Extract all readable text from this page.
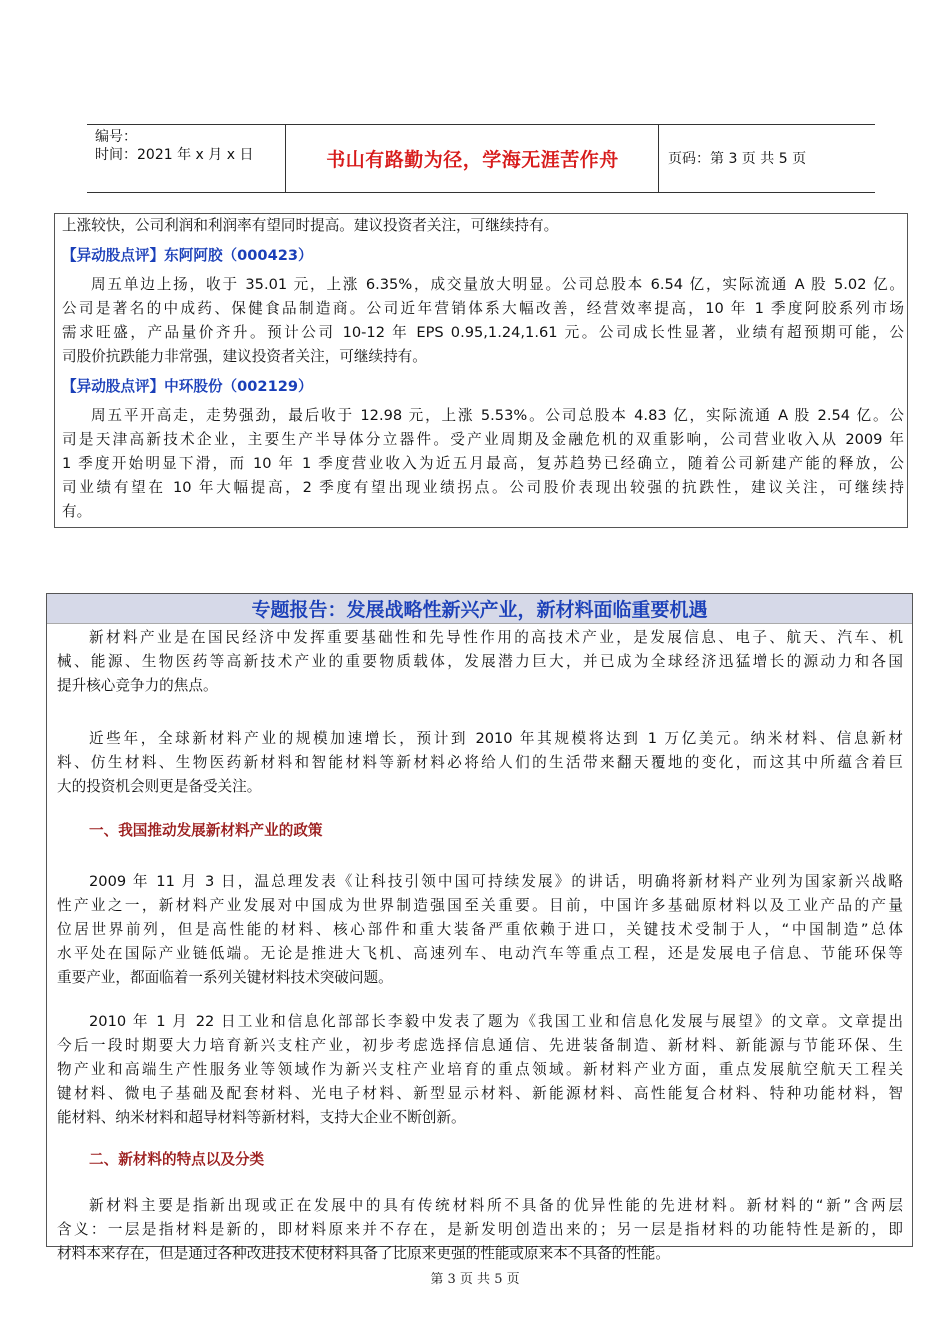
编号：
时间：2021 年 x 月 x 日	书山有路勤为径，学海无涯苦作舟	页码：第 3 页 共 5 页
上涨较快，公司利润和利润率有望同时提高。建议投资者关注，可继续持有。
【异动股点评】东阿阿胶（000423）
周五单边上扬，收于 35.01 元，上涨 6.35%，成交量放大明显。公司总股本 6.54 亿，实际流通 A 股 5.02 亿。
公司是著名的中成药、保健食品制造商。公司近年营销体系大幅改善，经营效率提高，10 年 1 季度阿胶系列市场
需求旺盛，产品量价齐升。预计公司 10-12 年 EPS 0.95,1.24,1.61 元。公司成长性显著，业绩有超预期可能，公
司股价抗跌能力非常强，建议投资者关注，可继续持有。
【异动股点评】中环股份（002129）
周五平开高走，走势强劲，最后收于 12.98 元，上涨 5.53%。公司总股本 4.83 亿，实际流通 A 股 2.54 亿。公
司是天津高新技术企业，主要生产半导体分立器件。受产业周期及金融危机的双重影响，公司营业收入从 2009 年
1 季度开始明显下滑，而 10 年 1 季度营业收入为近五月最高，复苏趋势已经确立，随着公司新建产能的释放，公
司业绩有望在 10 年大幅提高，2 季度有望出现业绩拐点。公司股价表现出较强的抗跌性，建议关注，可继续持
有。
专题报告：发展战略性新兴产业，新材料面临重要机遇
新材料产业是在国民经济中发挥重要基础性和先导性作用的高技术产业，是发展信息、电子、航天、汽车、机
械、能源、生物医药等高新技术产业的重要物质载体，发展潜力巨大，并已成为全球经济迅猛增长的源动力和各国
提升核心竞争力的焦点。
近些年，全球新材料产业的规模加速增长，预计到 2010 年其规模将达到 1 万亿美元。纳米材料、信息新材
料、仿生材料、生物医药新材料和智能材料等新材料必将给人们的生活带来翻天覆地的变化，而这其中所蕴含着巨
大的投资机会则更是备受关注。
一、我国推动发展新材料产业的政策
2009 年 11 月 3 日，温总理发表《让科技引领中国可持续发展》的讲话，明确将新材料产业列为国家新兴战略
性产业之一，新材料产业发展对中国成为世界制造强国至关重要。目前，中国许多基础原材料以及工业产品的产量
位居世界前列，但是高性能的材料、核心部件和重大装备严重依赖于进口，关键技术受制于人，“中国制造”总体
水平处在国际产业链低端。无论是推进大飞机、高速列车、电动汽车等重点工程，还是发展电子信息、节能环保等
重要产业，都面临着一系列关键材料技术突破问题。
2010 年 1 月 22 日工业和信息化部部长李毅中发表了题为《我国工业和信息化发展与展望》的文章。文章提出
今后一段时期要大力培育新兴支柱产业，初步考虑选择信息通信、先进装备制造、新材料、新能源与节能环保、生
物产业和高端生产性服务业等领域作为新兴支柱产业培育的重点领域。新材料产业方面，重点发展航空航天工程关
键材料、微电子基础及配套材料、光电子材料、新型显示材料、新能源材料、高性能复合材料、特种功能材料，智
能材料、纳米材料和超导材料等新材料，支持大企业不断创新。
二、新材料的特点以及分类
新材料主要是指新出现或正在发展中的具有传统材料所不具备的优异性能的先进材料。新材料的“新”含两层
含义：一层是指材料是新的，即材料原来并不存在，是新发明创造出来的；另一层是指材料的功能特性是新的，即
材料本来存在，但是通过各种改进技术使材料具备了比原来更强的性能或原来本不具备的性能。
第 3 页 共 5 页
